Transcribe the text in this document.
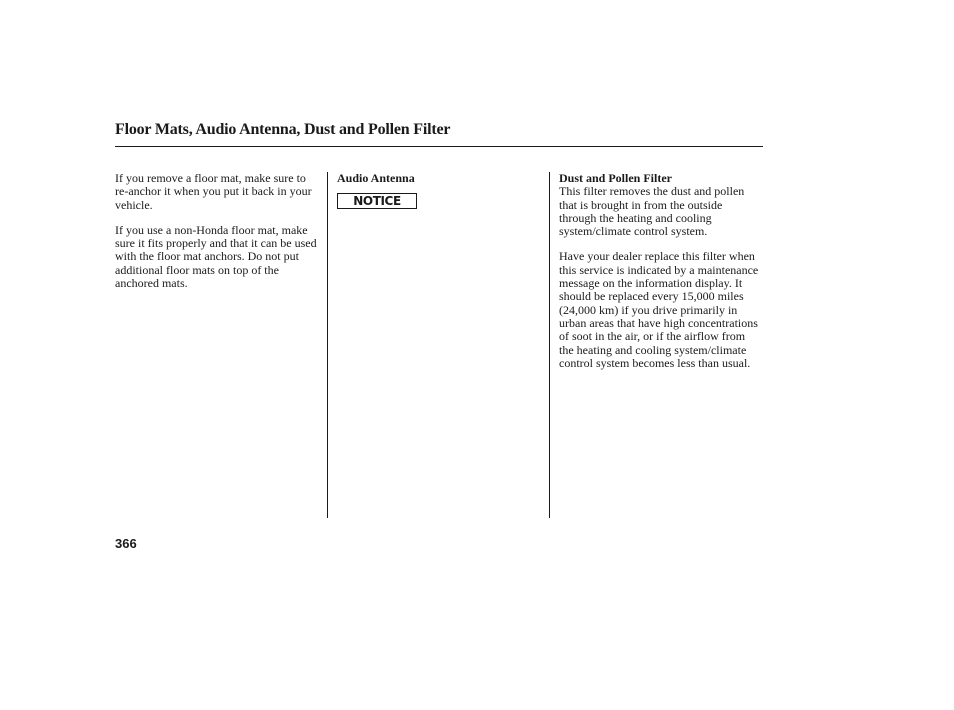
Floor Mats, Audio Antenna, Dust and Pollen Filter

If you remove a floor mat, make sure to re-anchor it when you put it back in your vehicle.

If you use a non-Honda floor mat, make sure it fits properly and that it can be used with the floor mat anchors. Do not put additional floor mats on top of the anchored mats.

Audio Antenna
NOTICE
Dust and Pollen Filter

This filter removes the dust and pollen that is brought in from the outside through the heating and cooling system/climate control system.

Have your dealer replace this filter when this service is indicated by a maintenance message on the information display. It should be replaced every 15,000 miles (24,000 km) if you drive primarily in urban areas that have high concentrations of soot in the air, or if the airflow from the heating and cooling system/climate control system becomes less than usual.

366
